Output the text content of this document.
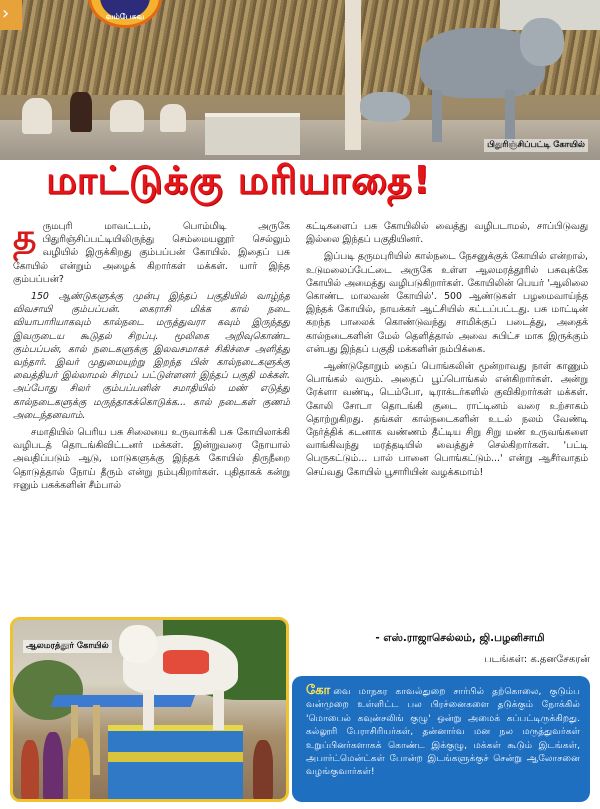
›	வம்பேசுவ
பிதுரிஞ்சிப்பட்டி கோயில்
மாட்டுக்கு மரியாதை!

தருமபுரி மாவட்டம், பொம்மிடி அருகே பிதுரிஞ்சிப்பட்டியிலிருந்து செம்மையனூர் செல்லும் வழியில் இருக்கிறது கும்பப்பன் கோயில். இதைப் பசு கோயில் என்றும் அழைக் கிறார்கள் மக்கள். யார் இந்த கும்பப்பன்?

150 ஆண்டுகளுக்கு முன்பு இந்தப் பகுதியில் வாழ்ந்த விவசாயி கும்பப்பன். கைராசி மிக்க கால் நடை வியாபாரியாகவும் கால்நடை மருத்துவரா கவும் இருந்தது இவருடைய கூடுதல் சிறப்பு. மூலிகை அறிவுகொண்ட கும்பப்பன், கால் நடைகளுக்கு இலவசமாகச் சிகிச்சை அளித்து வந்தார். இவர் முதுமையுற்று இறந்த பின் கால்நடைகளுக்கு வைத்தியர் இல்லாமல் சிரமப் பட்டுள்ளனர் இந்தப் பகுதி மக்கள். அப்போது சிலர் கும்பப்பனின் சமாதியில் மண் எடுத்து கால்நடைகளுக்கு மருந்தாகக்கொடுக்க... கால் நடைகள் குணம் அடைந்தனவாம்.

சமாதியில் பெரிய பசு சிலையை உருவாக்கி பசு கோயிலாக்கி வழிபடத் தொடங்கிவிட்டனர் மக்கள். இன்றுவரை நோயால் அவதிப்படும் ஆடு, மாடுகளுக்கு இந்தக் கோயில் திருநீறை தொடுத்தால் நோய் தீரும் என்று நம்புகிறார்கள். புதிதாகக் கன்று ஈனும் பசுக்களின் சீம்பால்

கட்டிகளைப் பசு கோயிலில் வைத்து வழிபடாமல், சாப்பிடுவது இல்லை இந்தப் பகுதியினர்.

இப்படி தருமபுரியில் கால்நடை நேசனுக்குக் கோயில் என்றால், உடுமலைப்பேட்டை அருகே உள்ள ஆலமரத்தூரில் பசுவுக்கே கோயில் அமைத்து வழிபடுகிறார்கள். கோயிலின் பெயர் 'ஆலிலை கொண்ட மாலவன் கோயில்'. 500 ஆண்டுகள் பழமைவாய்ந்த இந்தக் கோயில், நாயக்கர் ஆட்சியில் கட்டப்பட்டது. பசு மாட்டின் கறந்த பாலைக் கொண்டுவந்து சாமிக்குப் படைத்து, அதைக் கால்நடைகளின் மேல் தெளித்தால் அவை சுபிட்ச மாக இருக்கும் என்பது இந்தப் பகுதி மக்களின் நம்பிக்கை.

ஆண்டுதோறும் தைப் பொங்கலின் மூன்றாவது நாள் காணும் பொங்கல் வரும். அதைப் பூப்பொங்கல் என்கிறார்கள். அன்று ரேக்ளா வண்டி, டெம்போ, டிராக்டர்களில் குவிகிறார்கள் மக்கள். கோலி சோடா தொடங்கி குடை ராட்டினம் வரை உற்சாகம் தொற்றுகிறது. தங்கள் கால்நடைகளின் உடல் நலம் வேண்டி நேர்த்திக் கடனாக வண்ணம் தீட்டிய சிறு சிறு மண் உருவங்களை வாங்கிவந்து மரத்தடியில் வைத்துச் செல்கிறார்கள். 'பட்டி பெருகட்டும்... பால் பானை பொங்கட்டும்...' என்று ஆசீர்வாதம் செய்வது கோயில் பூசாரியின் வழக்கமாம்!

- எஸ்.ராஜாசெல்லம், ஜி.பழனிசாமி
படங்கள்: க.தனசேகரன்
ஆலமரத்தூர் கோயில்
கோ வை மாநகர காவல்துறை சார்பில் தற்கொலை, குடும்ப வன்முறை உள்ளிட்ட பல பிரச்னைகளை தடுக்கும் நோக்கில் 'மொபைல் கவுன்சலிங் குழு' ஒன்று அமைக் கப்பட்டிருக்கிறது. கல்லூரி பேராசிரியர்கள், தன்னார்வ மன நல மருத்துவர்கள் உறுப்பினர்களாகக் கொண்ட இக்குழு, மக்கள் கூடும் இடங்கள், அபார்ட்மென்ட்கள் போன்ற இடங்களுக்குச் சென்று ஆலோசனை வழங்குவார்கள்!
